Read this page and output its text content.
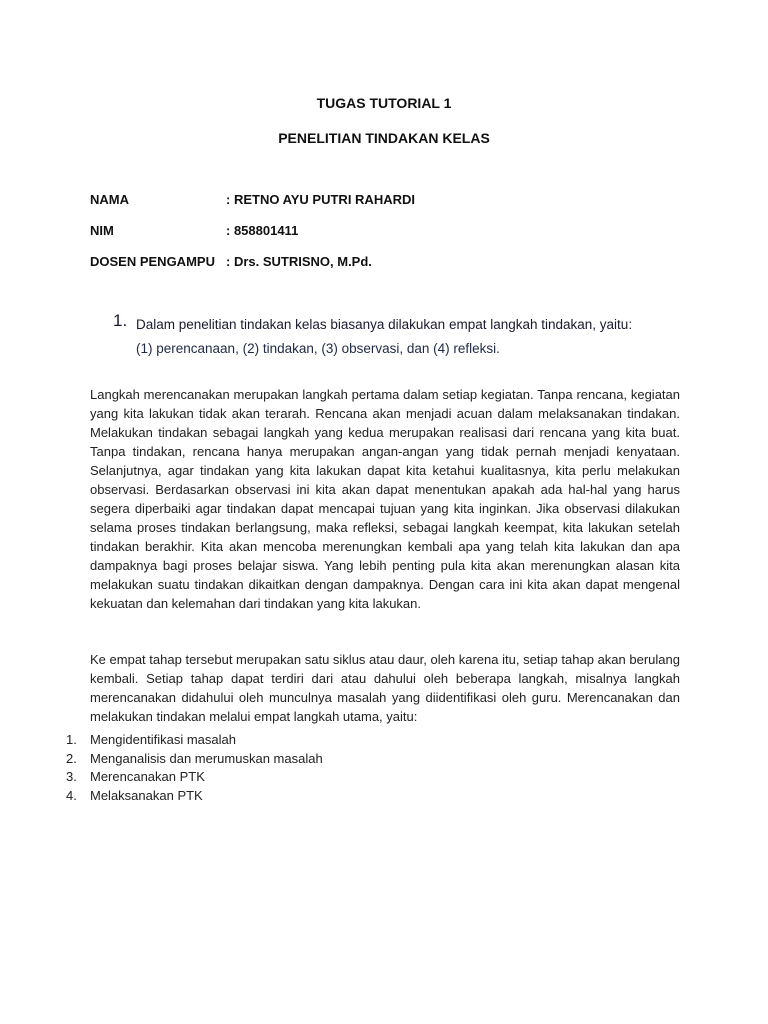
TUGAS TUTORIAL 1
PENELITIAN TINDAKAN KELAS
NAMA	: RETNO AYU PUTRI RAHARDI
NIM	: 858801411
DOSEN PENGAMPU : Drs. SUTRISNO, M.Pd.
1. Dalam penelitian tindakan kelas biasanya dilakukan empat langkah tindakan, yaitu:
(1) perencanaan, (2) tindakan, (3) observasi, dan (4) refleksi.

Langkah merencanakan merupakan langkah pertama dalam setiap kegiatan. Tanpa rencana, kegiatan yang kita lakukan tidak akan terarah. Rencana akan menjadi acuan dalam melaksanakan tindakan. Melakukan tindakan sebagai langkah yang kedua merupakan realisasi dari rencana yang kita buat. Tanpa tindakan, rencana hanya merupakan angan-angan yang tidak pernah menjadi kenyataan. Selanjutnya, agar tindakan yang kita lakukan dapat kita ketahui kualitasnya, kita perlu melakukan observasi. Berdasarkan observasi ini kita akan dapat menentukan apakah ada hal-hal yang harus segera diperbaiki agar tindakan dapat mencapai tujuan yang kita inginkan. Jika observasi dilakukan selama proses tindakan berlangsung, maka refleksi, sebagai langkah keempat, kita lakukan setelah tindakan berakhir. Kita akan mencoba merenungkan kembali apa yang telah kita lakukan dan apa dampaknya bagi proses belajar siswa. Yang lebih penting pula kita akan merenungkan alasan kita melakukan suatu tindakan dikaitkan dengan dampaknya. Dengan cara ini kita akan dapat mengenal kekuatan dan kelemahan dari tindakan yang kita lakukan.

Ke empat tahap tersebut merupakan satu siklus atau daur, oleh karena itu, setiap tahap akan berulang kembali. Setiap tahap dapat terdiri dari atau dahului oleh beberapa langkah, misalnya langkah merencanakan didahului oleh munculnya masalah yang diidentifikasi oleh guru. Merencanakan dan melakukan tindakan melalui empat langkah utama, yaitu:

1. Mengidentifikasi masalah
2. Menganalisis dan merumuskan masalah
3. Merencanakan PTK
4. Melaksanakan PTK
